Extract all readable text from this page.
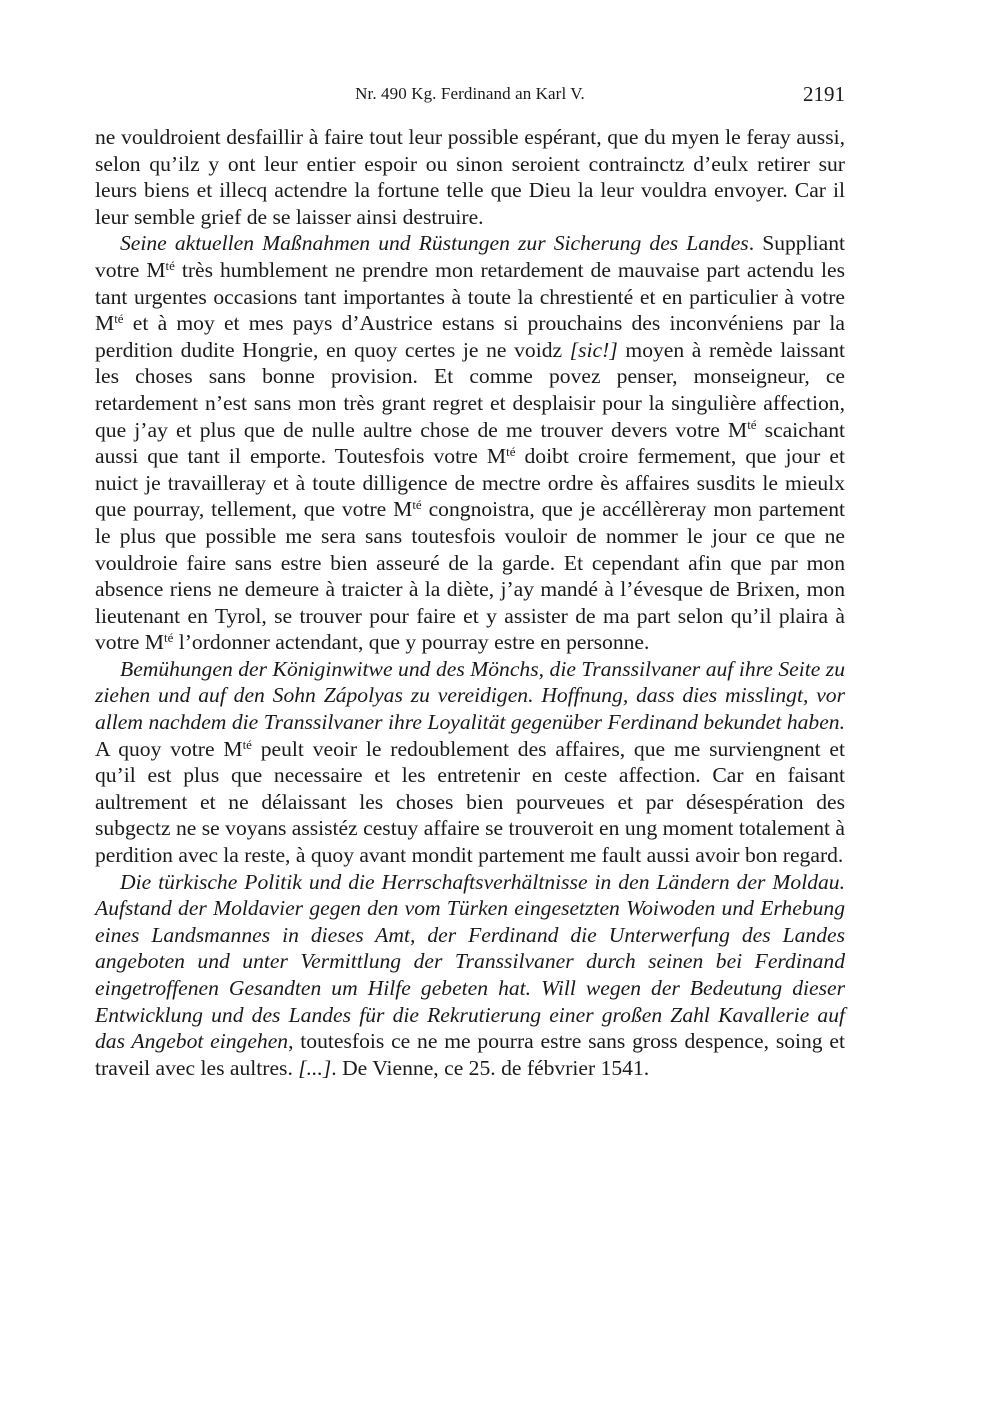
Nr. 490 Kg. Ferdinand an Karl V.	2191

ne vouldroient desfaillir à faire tout leur possible espérant, que du myen le feray aussi, selon qu’ilz y ont leur entier espoir ou sinon seroient contrainctz d’eulx retirer sur leurs biens et illecq actendre la fortune telle que Dieu la leur vouldra envoyer. Car il leur semble grief de se laisser ainsi destruire.

Seine aktuellen Maßnahmen und Rüstungen zur Sicherung des Landes. Suppliant votre $M^{té}$ très humblement ne prendre mon retardement de mauvaise part actendu les tant urgentes occasions tant importantes à toute la chrestienté et en particulier à votre $M^{té}$ et à moy et mes pays d’Austrice estans si prouchains des inconvéniens par la perdition dudite Hongrie, en quoy certes je ne voidz [sic!] moyen à remède laissant les choses sans bonne provision. Et comme povez penser, monseigneur, ce retardement n’est sans mon très grant regret et desplaisir pour la singulière affection, que j’ay et plus que de nulle aultre chose de me trouver devers votre $M^{té}$ scaichant aussi que tant il emporte. Toutesfois votre $M^{té}$ doibt croire fermement, que jour et nuict je travailleray et à toute dilligence de mectre ordre ès affaires susdits le mieulx que pourray, tellement, que votre $M^{té}$ congnoistra, que je accéllèreray mon partement le plus que possible me sera sans toutesfois vouloir de nommer le jour ce que ne vouldroie faire sans estre bien asseuré de la garde. Et cependant afin que par mon absence riens ne demeure à traicter à la diète, j’ay mandé à l’évesque de Brixen, mon lieutenant en Tyrol, se trouver pour faire et y assister de ma part selon qu’il plaira à votre $M^{té}$ l’ordonner actendant, que y pourray estre en personne.

Bemühungen der Königinwitwe und des Mönchs, die Transsilvaner auf ihre Seite zu ziehen und auf den Sohn Zápolyas zu vereidigen. Hoffnung, dass dies misslingt, vor allem nachdem die Transsilvaner ihre Loyalität gegenüber Ferdinand bekundet haben. A quoy votre $M^{té}$ peult veoir le redoublement des affaires, que me surviengnent et qu’il est plus que necessaire et les entretenir en ceste affection. Car en faisant aultrement et ne délaissant les choses bien pourveues et par désespération des subgectz ne se voyans assistéz cestuy affaire se trouveroit en ung moment totalement à perdition avec la reste, à quoy avant mondit partement me fault aussi avoir bon regard.

Die türkische Politik und die Herrschaftsverhältnisse in den Ländern der Moldau. Aufstand der Moldavier gegen den vom Türken eingesetzten Woiwoden und Erhebung eines Landsmannes in dieses Amt, der Ferdinand die Unterwerfung des Landes angeboten und unter Vermittlung der Transsilvaner durch seinen bei Ferdinand eingetroffenen Gesandten um Hilfe gebeten hat. Will wegen der Bedeutung dieser Entwicklung und des Landes für die Rekrutierung einer großen Zahl Kavallerie auf das Angebot eingehen, toutesfois ce ne me pourra estre sans gross despence, soing et traveil avec les aultres. [...]. De Vienne, ce 25. de fébvrier 1541.
